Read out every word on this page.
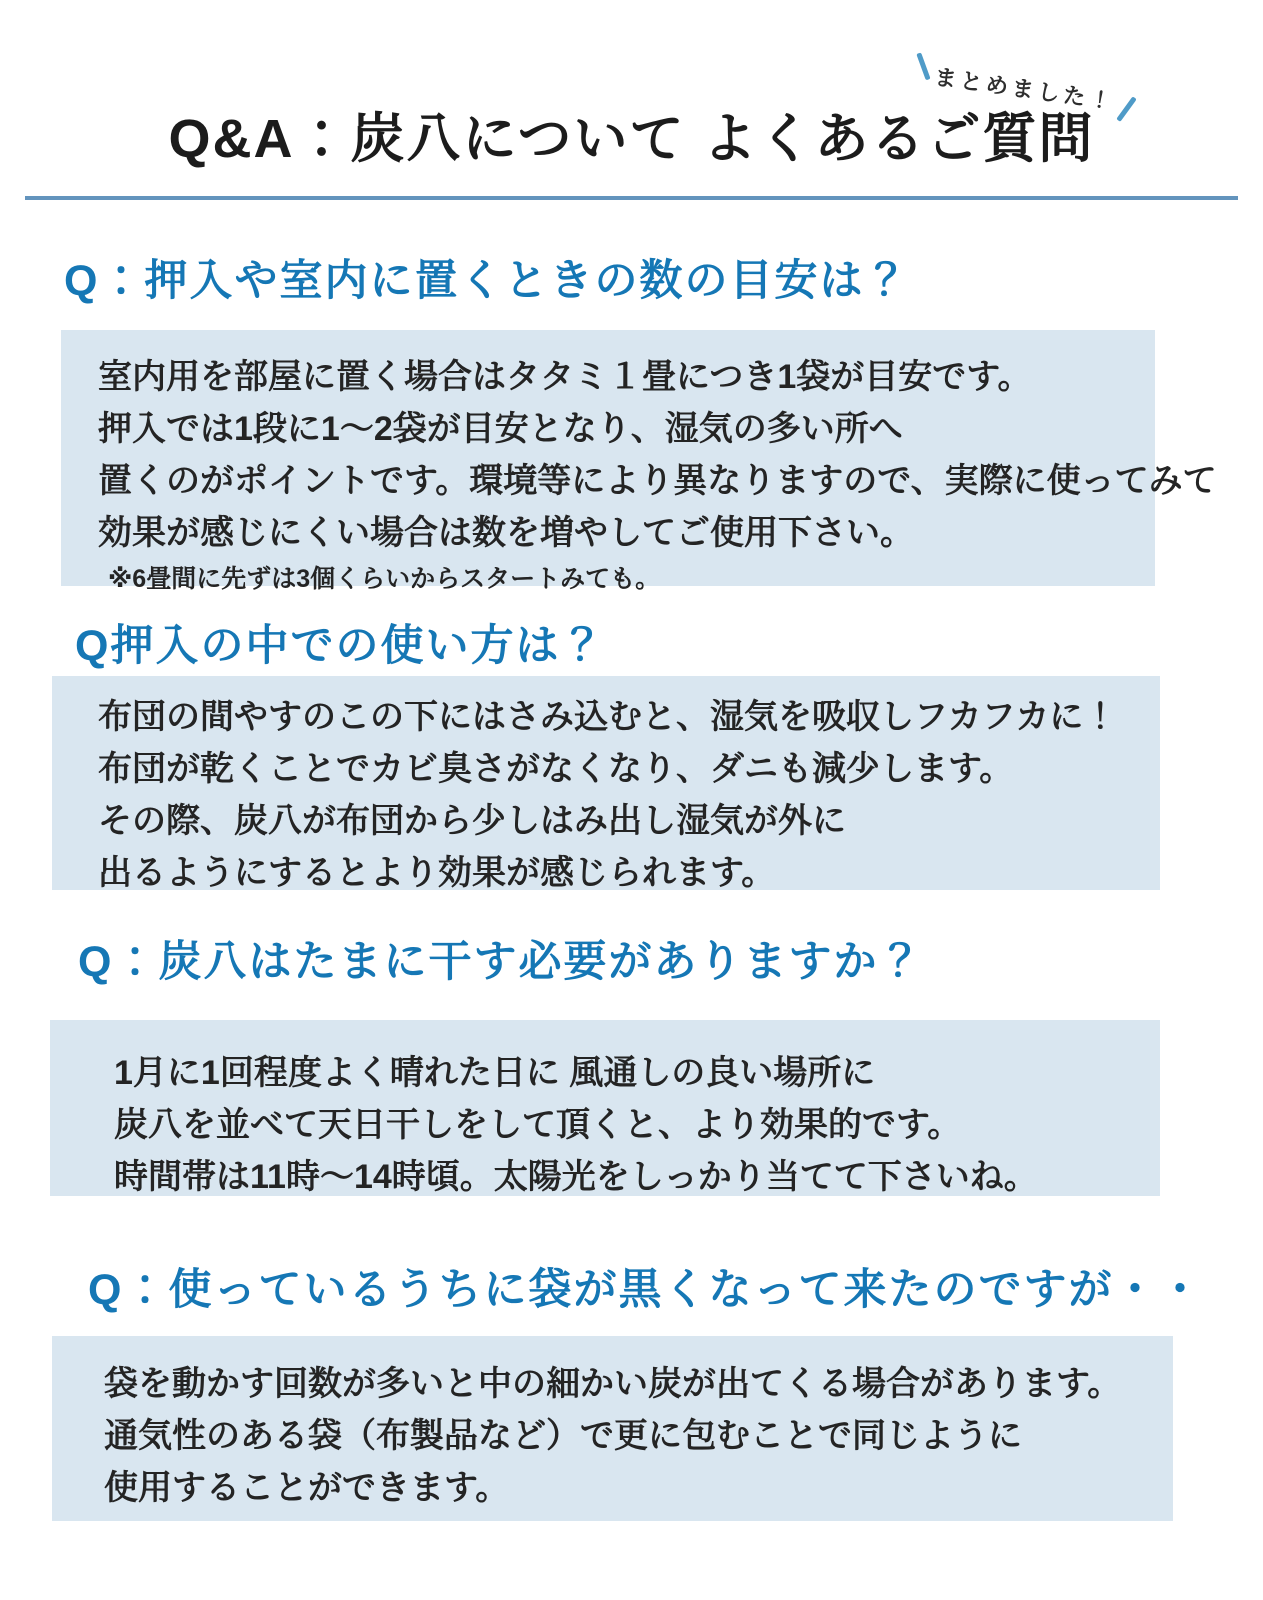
まとめました！
Q&A：炭八について よくあるご質問
Q：押入や室内に置くときの数の目安は？
室内用を部屋に置く場合はタタミ１畳につき1袋が目安です。
押入では1段に1〜2袋が目安となり、湿気の多い所へ
置くのがポイントです。環境等により異なりますので、実際に使ってみて
効果が感じにくい場合は数を増やしてご使用下さい。
※6畳間に先ずは3個くらいからスタートみても。
Q押入の中での使い方は？
布団の間やすのこの下にはさみ込むと、湿気を吸収しフカフカに！
布団が乾くことでカビ臭さがなくなり、ダニも減少します。
その際、炭八が布団から少しはみ出し湿気が外に
出るようにするとより効果が感じられます。
Q：炭八はたまに干す必要がありますか？
1月に1回程度よく晴れた日に 風通しの良い場所に
炭八を並べて天日干しをして頂くと、より効果的です。
時間帯は11時〜14時頃。太陽光をしっかり当てて下さいね。
Q：使っているうちに袋が黒くなって来たのですが・・
袋を動かす回数が多いと中の細かい炭が出てくる場合があります。
通気性のある袋（布製品など）で更に包むことで同じように
使用することができます。
